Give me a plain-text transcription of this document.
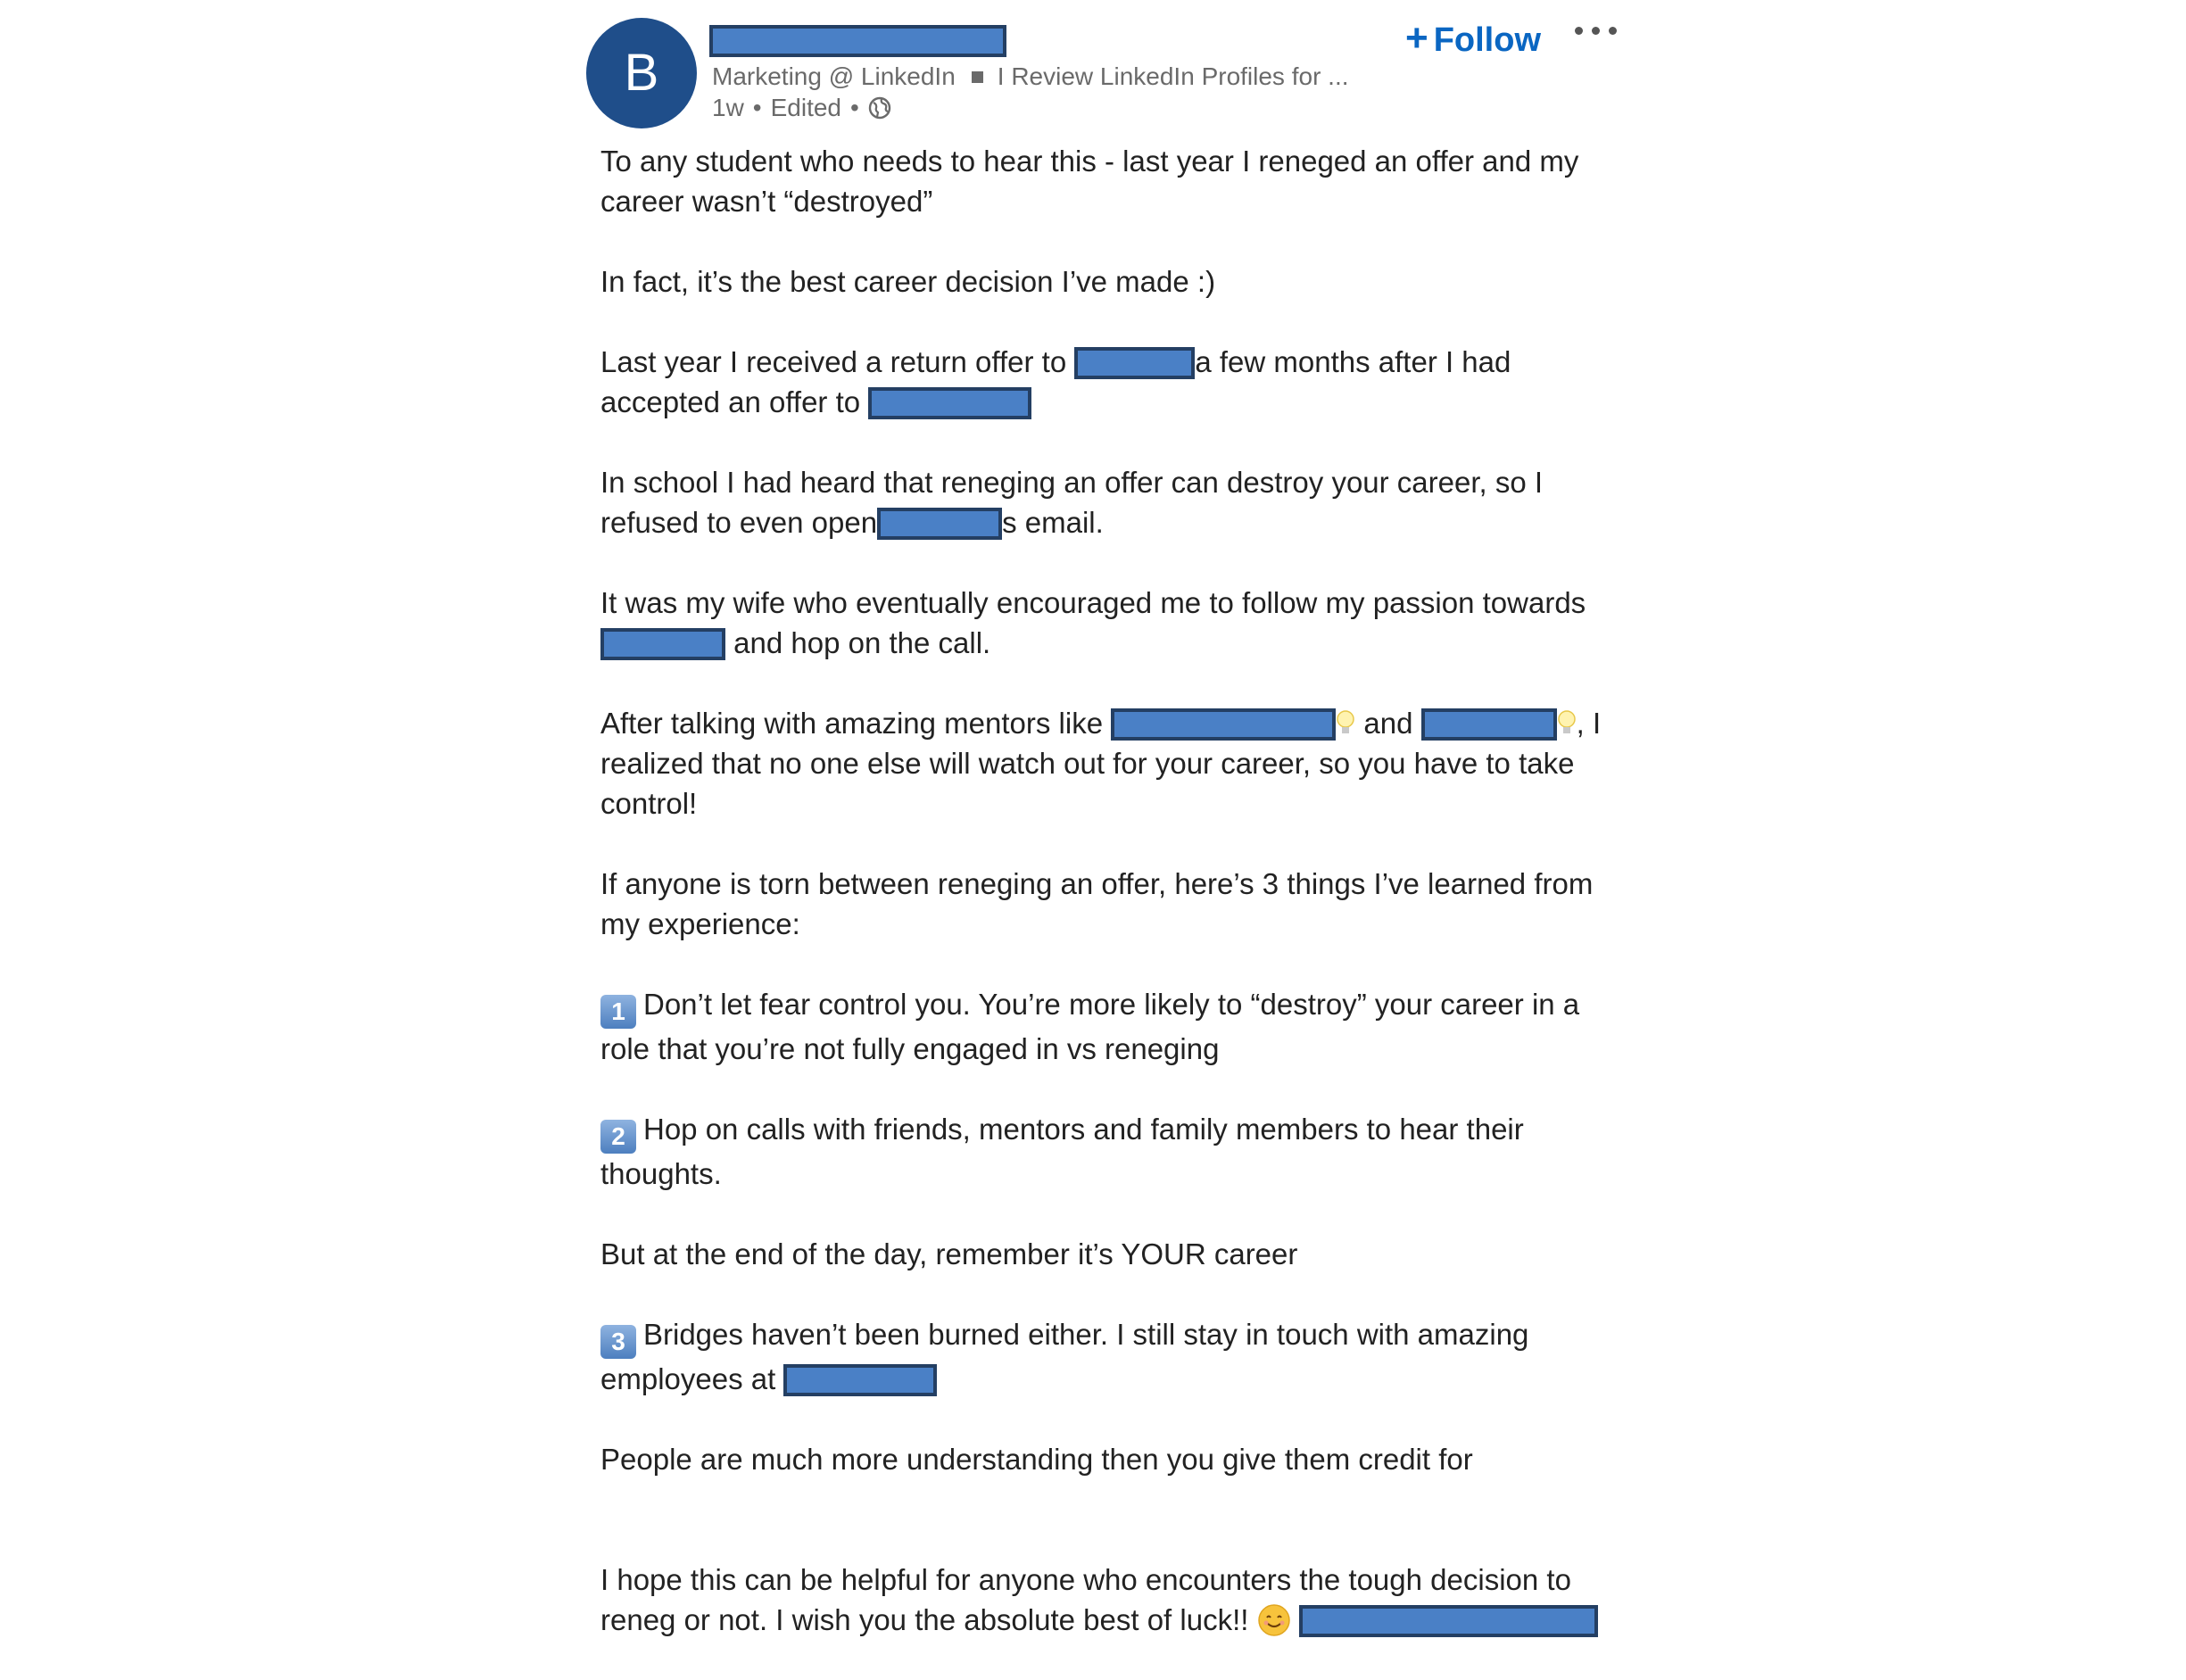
B	Marketing @ LinkedIn I Review LinkedIn Profiles for ...
1w • Edited •
+ Follow

To any student who needs to hear this - last year I reneged an offer and my career wasn’t “destroyed”

In fact, it’s the best career decision I’ve made :)

Last year I received a return offer to	a few months after I had accepted an offer to

In school I had heard that reneging an offer can destroy your career, so I refused to even open	s email.

It was my wife who eventually encouraged me to follow my passion towards  and hop on the call.

After talking with amazing mentors like	and	, I realized that no one else will watch out for your career, so you have to take control!

If anyone is torn between reneging an offer, here’s 3 things I’ve learned from my experience:

1 Don’t let fear control you. You’re more likely to “destroy” your career in a role that you’re not fully engaged in vs reneging

2 Hop on calls with friends, mentors and family members to hear their thoughts.

But at the end of the day, remember it’s YOUR career

3 Bridges haven’t been burned either. I still stay in touch with amazing employees at

People are much more understanding then you give them credit for

I hope this can be helpful for anyone who encounters the tough decision to reneg or not. I wish you the absolute best of luck!!
